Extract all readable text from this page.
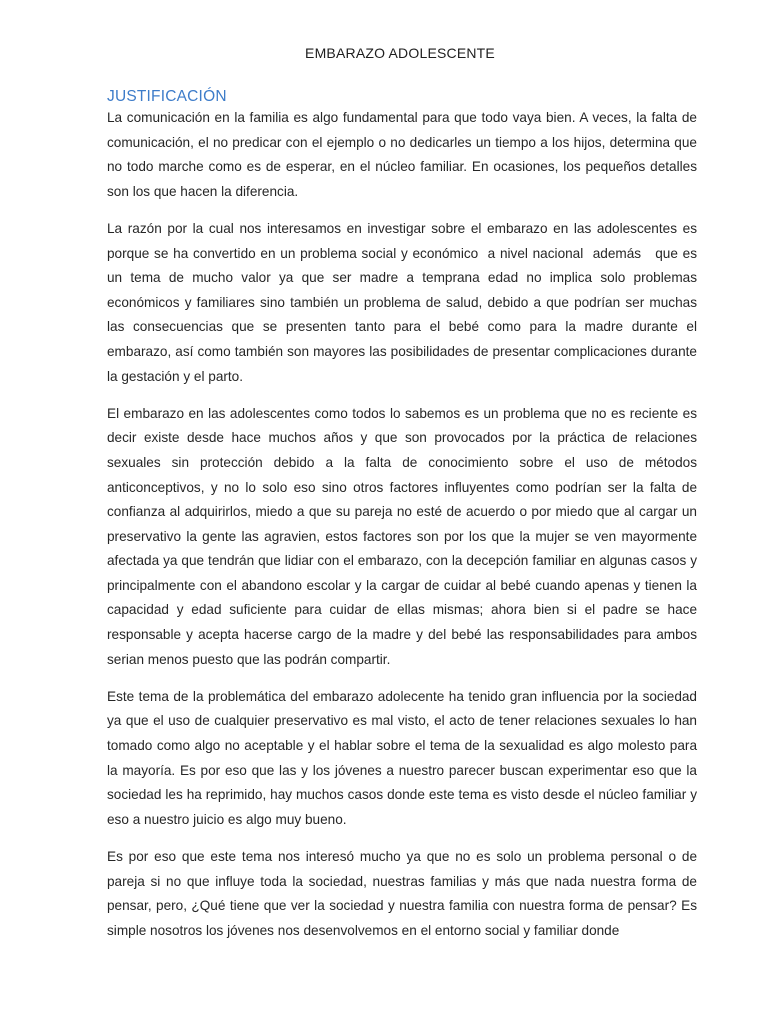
EMBARAZO ADOLESCENTE
JUSTIFICACIÓN

La comunicación en la familia es algo fundamental para que todo vaya bien. A veces, la falta de comunicación, el no predicar con el ejemplo o no dedicarles un tiempo a los hijos, determina que no todo marche como es de esperar, en el núcleo familiar. En ocasiones, los pequeños detalles son los que hacen la diferencia.

La razón por la cual nos interesamos en investigar sobre el embarazo en las adolescentes es porque se ha convertido en un problema social y económico  a nivel nacional  además   que es un tema de mucho valor ya que ser madre a temprana edad no implica solo problemas económicos y familiares sino también un problema de salud, debido a que podrían ser muchas las consecuencias que se presenten tanto para el bebé como para la madre durante el embarazo, así como también son mayores las posibilidades de presentar complicaciones durante la gestación y el parto.

El embarazo en las adolescentes como todos lo sabemos es un problema que no es reciente es decir existe desde hace muchos años y que son provocados por la práctica de relaciones sexuales sin protección debido a la falta de conocimiento sobre el uso de métodos anticonceptivos, y no lo solo eso sino otros factores influyentes como podrían ser la falta de confianza al adquirirlos, miedo a que su pareja no esté de acuerdo o por miedo que al cargar un preservativo la gente las agravien, estos factores son por los que la mujer se ven mayormente afectada ya que tendrán que lidiar con el embarazo, con la decepción familiar en algunas casos y principalmente con el abandono escolar y la cargar de cuidar al bebé cuando apenas y tienen la capacidad y edad suficiente para cuidar de ellas mismas; ahora bien si el padre se hace responsable y acepta hacerse cargo de la madre y del bebé las responsabilidades para ambos serian menos puesto que las podrán compartir.

Este tema de la problemática del embarazo adolecente ha tenido gran influencia por la sociedad ya que el uso de cualquier preservativo es mal visto, el acto de tener relaciones sexuales lo han tomado como algo no aceptable y el hablar sobre el tema de la sexualidad es algo molesto para la mayoría. Es por eso que las y los jóvenes a nuestro parecer buscan experimentar eso que la sociedad les ha reprimido, hay muchos casos donde este tema es visto desde el núcleo familiar y eso a nuestro juicio es algo muy bueno.

Es por eso que este tema nos interesó mucho ya que no es solo un problema personal o de pareja si no que influye toda la sociedad, nuestras familias y más que nada nuestra forma de pensar, pero, ¿Qué tiene que ver la sociedad y nuestra familia con nuestra forma de pensar? Es simple nosotros los jóvenes nos desenvolvemos en el entorno social y familiar donde
